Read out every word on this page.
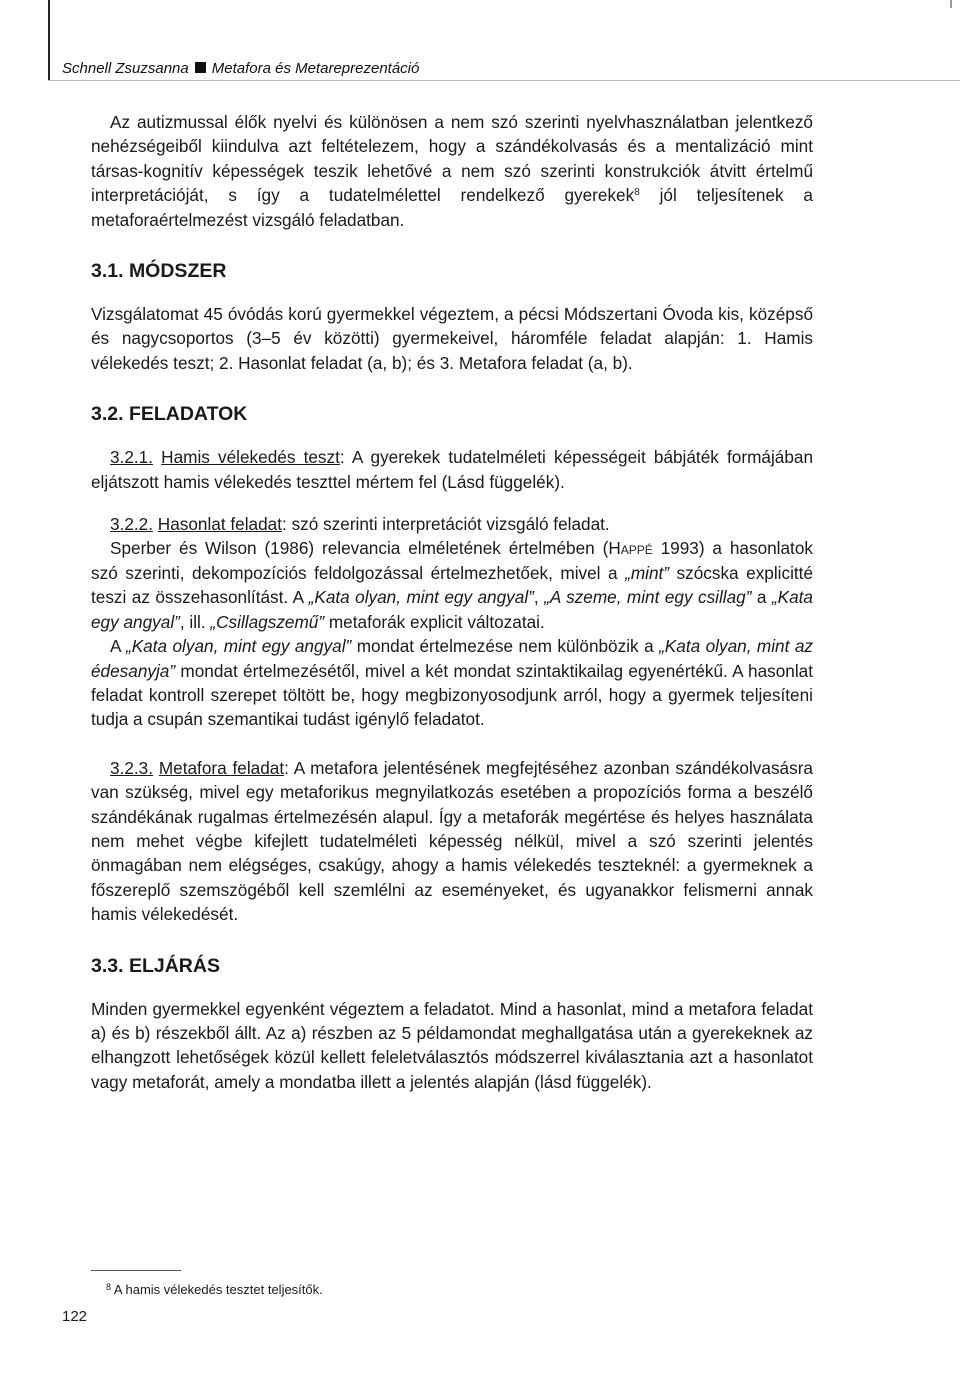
Schnell Zsuzsanna Metafora és Metareprezentáció

Az autizmussal élők nyelvi és különösen a nem szó szerinti nyelvhasználatban jelentkező nehézségeiből kiindulva azt feltételezem, hogy a szándékolvasás és a mentalizáció mint társas-kognitív képességek teszik lehetővé a nem szó szerinti konstrukciók átvitt értelmű interpretációját, s így a tudatelmélettel rendelkező gyerekek$^8$ jól teljesítenek a metaforaértelmezést vizsgáló feladatban.

3.1. MÓDSZER

Vizsgálatomat 45 óvódás korú gyermekkel végeztem, a pécsi Módszertani Óvoda kis, középső és nagycsoportos (3–5 év közötti) gyermekeivel, háromféle feladat alapján: 1. Hamis vélekedés teszt; 2. Hasonlat feladat (a, b); és 3. Metafora feladat (a, b).

3.2. FELADATOK

3.2.1. Hamis vélekedés teszt: A gyerekek tudatelméleti képességeit bábjáték formájában eljátszott hamis vélekedés teszttel mértem fel (Lásd függelék).

3.2.2. Hasonlat feladat: szó szerinti interpretációt vizsgáló feladat.

Sperber és Wilson (1986) relevancia elméletének értelmében (Happé 1993) a hasonlatok szó szerinti, dekompozíciós feldolgozással értelmezhetőek, mivel a „mint” szócska explicitté teszi az összehasonlítást. A „Kata olyan, mint egy angyal”, „A szeme, mint egy csillag” a „Kata egy angyal”, ill. „Csillagszemű” metaforák explicit változatai.

A „Kata olyan, mint egy angyal” mondat értelmezése nem különbözik a „Kata olyan, mint az édesanyja” mondat értelmezésétől, mivel a két mondat szintaktikailag egyenértékű. A hasonlat feladat kontroll szerepet töltött be, hogy megbizonyosodjunk arról, hogy a gyermek teljesíteni tudja a csupán szemantikai tudást igénylő feladatot.

3.2.3. Metafora feladat: A metafora jelentésének megfejtéséhez azonban szándékolvasásra van szükség, mivel egy metaforikus megnyilatkozás esetében a propozíciós forma a beszélő szándékának rugalmas értelmezésén alapul. Így a metaforák megértése és helyes használata nem mehet végbe kifejlett tudatelméleti képesség nélkül, mivel a szó szerinti jelentés önmagában nem elégséges, csakúgy, ahogy a hamis vélekedés teszteknél: a gyermeknek a főszereplő szemszögéből kell szemlélni az eseményeket, és ugyanakkor felismerni annak hamis vélekedését.

3.3. ELJÁRÁS

Minden gyermekkel egyenként végeztem a feladatot. Mind a hasonlat, mind a metafora feladat a) és b) részekből állt. Az a) részben az 5 példamondat meghallgatása után a gyerekeknek az elhangzott lehetőségek közül kellett feleletválasztós módszerrel kiválasztania azt a hasonlatot vagy metaforát, amely a mondatba illett a jelentés alapján (lásd függelék).

$^8$ A hamis vélekedés tesztet teljesítők.
122
